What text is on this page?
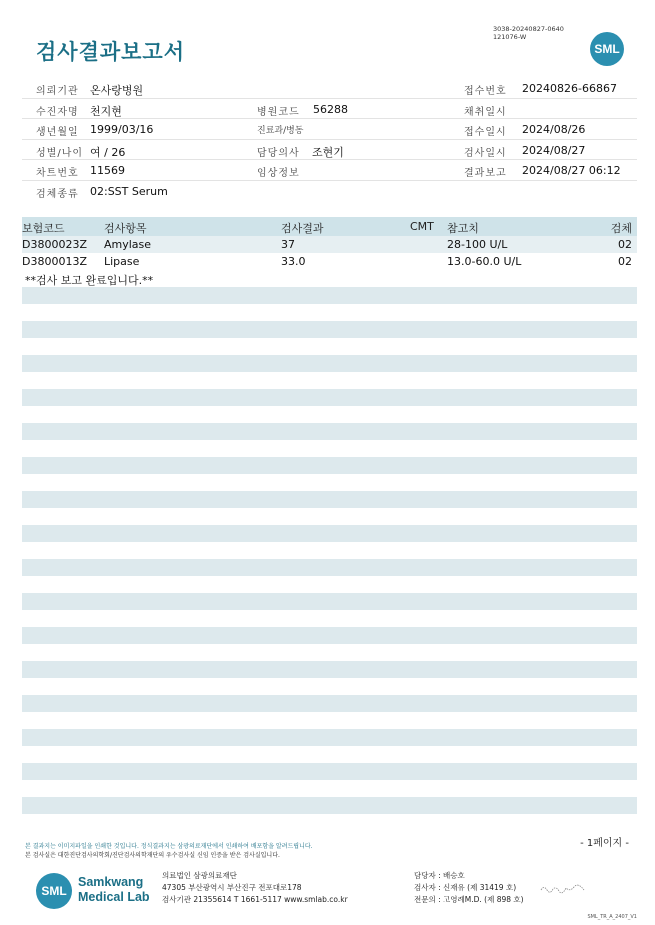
검사결과보고서
3038-20240827-0640
121076-W
SML
의뢰기관 온사랑병원	접수번호 20240826-66867
수진자명 천지현	병원코드 56288	채취일시
생년월일 1999/03/16	진료과/병동	접수일시 2024/08/26
성별/나이 여 / 26	담당의사 조현기	검사일시 2024/08/27
차트번호 11569	임상정보	결과보고 2024/08/27 06:12
검체종류 02:SST Serum
보험코드	검사항목	검사결과	CMT 참고치	검체
D3800023Z Amylase	37	28-100 U/L	02
D3800013Z Lipase	33.0	13.0-60.0 U/L	02
**검사 보고 완료입니다.**
- 1페이지 -
본 결과지는 이미지파일을 인쇄한 것입니다. 정식결과지는 삼광의료재단에서 인쇄하여 배포함을 알려드립니다.
본 검사실은 대한진단검사의학회/진단검사의학재단의 우수검사실 신임 인증을 받은 검사실입니다.
SML
Samkwang
Medical Lab
의료법인 삼광의료재단
47305 부산광역시 부산진구 전포대로178
검사기관 21355614 T 1661-5117 www.smlab.co.kr
담당자 : 배승호
검사자 : 신재유 (제 31419 호)
전문의 : 고영례M.D. (제 898 호)
SML_TR_A_2407_V1
